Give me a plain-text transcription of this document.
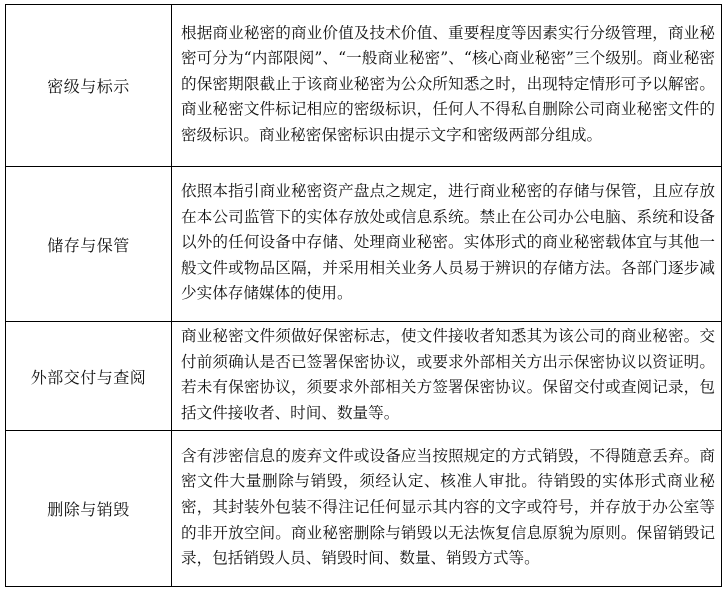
密级与标示	根据商业秘密的商业价值及技术价值、重要程度等因素实行分级管理，商业秘密可分为“内部限阅”、“一般商业秘密”、“核心商业秘密”三个级别。商业秘密的保密期限截止于该商业秘密为公众所知悉之时，出现特定情形可予以解密。商业秘密文件标记相应的密级标识，任何人不得私自删除公司商业秘密文件的密级标识。商业秘密保密标识由提示文字和密级两部分组成。
储存与保管	依照本指引商业秘密资产盘点之规定，进行商业秘密的存储与保管，且应存放在本公司监管下的实体存放处或信息系统。禁止在公司办公电脑、系统和设备以外的任何设备中存储、处理商业秘密。实体形式的商业秘密载体宜与其他一般文件或物品区隔，并采用相关业务人员易于辨识的存储方法。各部门逐步减少实体存储媒体的使用。
外部交付与查阅	商业秘密文件须做好保密标志，使文件接收者知悉其为该公司的商业秘密。交付前须确认是否已签署保密协议，或要求外部相关方出示保密协议以资证明。若未有保密协议，须要求外部相关方签署保密协议。保留交付或查阅记录，包括文件接收者、时间、数量等。
删除与销毁	含有涉密信息的废弃文件或设备应当按照规定的方式销毁，不得随意丢弃。商密文件大量删除与销毁，须经认定、核准人审批。待销毁的实体形式商业秘密，其封装外包装不得注记任何显示其内容的文字或符号，并存放于办公室等的非开放空间。商业秘密删除与销毁以无法恢复信息原貌为原则。保留销毁记录，包括销毁人员、销毁时间、数量、销毁方式等。
